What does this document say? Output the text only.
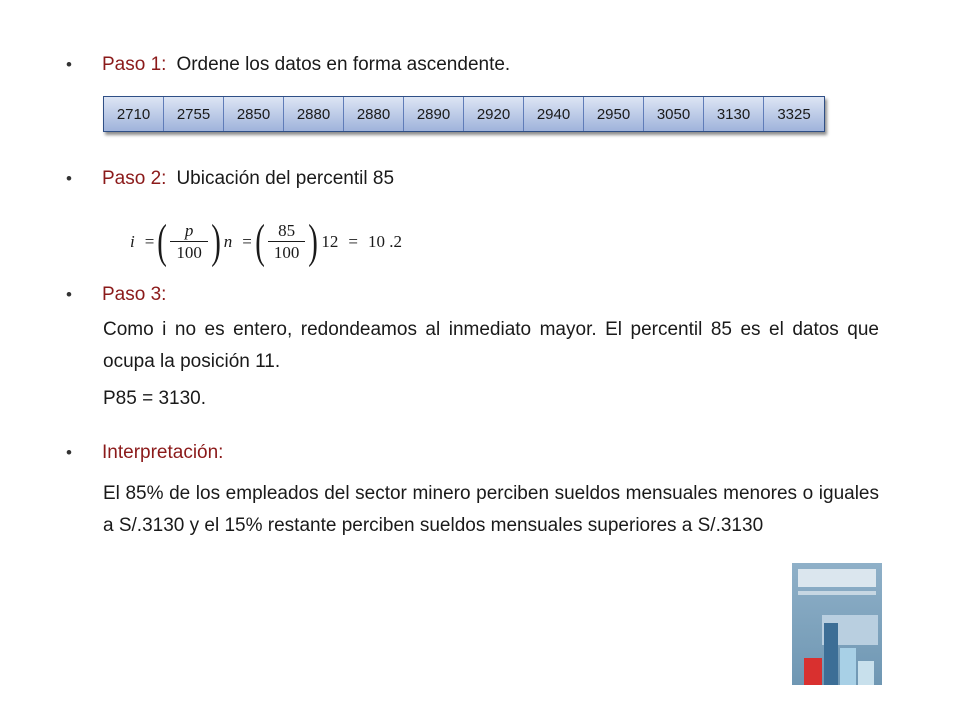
•	Paso 1: Ordene los datos en forma ascendente.
2710	2755	2850	2880	2880	2890	2920	2940	2950	3050	3130	3325
•	Paso 2: Ubicación del percentil 85
i = ( $\frac{p}{100}$ ) n = ( $\frac{85}{100}$ ) 12 = 10 .2
•	Paso 3:
Como i no es entero, redondeamos al inmediato mayor. El percentil 85 es el datos que ocupa la posición 11.
P85 = 3130.
•	Interpretación:
El 85% de los empleados del sector minero perciben sueldos mensuales menores o iguales a S/.3130 y el 15% restante perciben sueldos mensuales superiores a S/.3130
